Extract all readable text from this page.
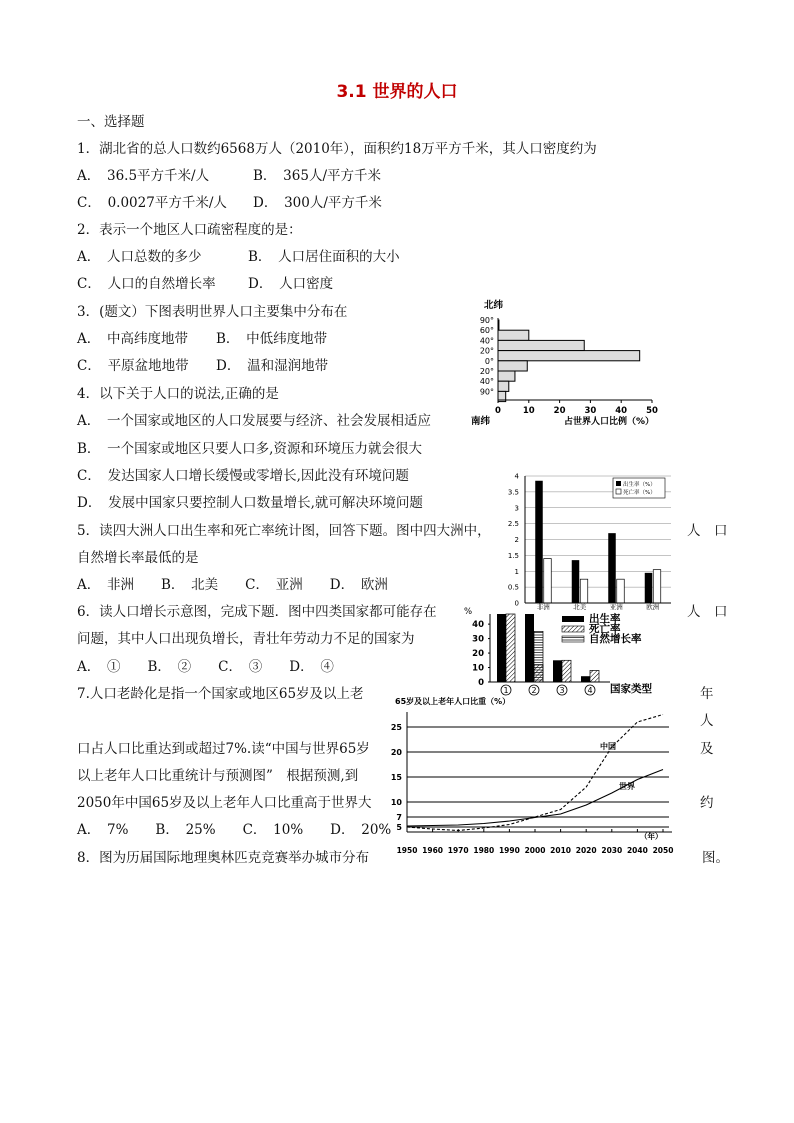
3.1 世界的人口
一、选择题
1．湖北省的总人口数约6568万人（2010年），面积约18万平方千米，其人口密度约为
A．　36.5平方千米/人	B．　365人/平方千米
C．　0.0027平方千米/人 D．　300人/平方千米
2．表示一个地区人口疏密程度的是：
A．　人口总数的多少	B．　人口居住面积的大小
C．　人口的自然增长率 D．　人口密度
3．(题文）下图表明世界人口主要集中分布在
A．　中高纬度地带 B．　中低纬度地带
C．　平原盆地地带 D．　温和湿润地带
北纬
90°
60°
40°
20°
0°
20°
40°
90°
0	10 20 30 40 50
南纬	占世界人口比例（%）
4．以下关于人口的说法,正确的是
A．　一个国家或地区的人口发展要与经济、社会发展相适应
B．　一个国家或地区只要人口多,资源和环境压力就会很大
C．　发达国家人口增长缓慢或零增长,因此没有环境问题
D．　发展中国家只要控制人口数量增长,就可解决环境问题
0
0.5
1
1.5
2
2.5
3
3.5
4
非洲	北美	亚洲	欧洲
出生率（%）
死亡率（%）
5．读四大洲人口出生率和死亡率统计图，回答下题。图中四大洲中，	人　口
自然增长率最低的是
A．　非洲　　B．　北美　　C．　亚洲　　D．　欧洲
%
0
10
20
30
40
1	2	3	4 国家类型
出生率
死亡率
自然增长率
6．读人口增长示意图，完成下题．图中四类国家都可能存在	人　口
问题，其中人口出现负增长，青壮年劳动力不足的国家为
A．　①　　B．　②　　C．　③　　D．　④
65岁及以上老年人口比重（%）
5
7
10
15
20
25
1950 1960 1970 1980 1990 2000 2010 2020 2030 2040 2050
（年）
中国
世界
7.人口老龄化是指一个国家或地区65岁及以上老	年
人
口占人口比重达到或超过7%.读“中国与世界65岁	及
以上老年人口比重统计与预测图”　根据预测,到
2050年中国65岁及以上老年人口比重高于世界大	约
A．　7%　　B．　25%　　C．　10%　　D．　20%
8．图为历届国际地理奥林匹克竞赛举办城市分布	图。
